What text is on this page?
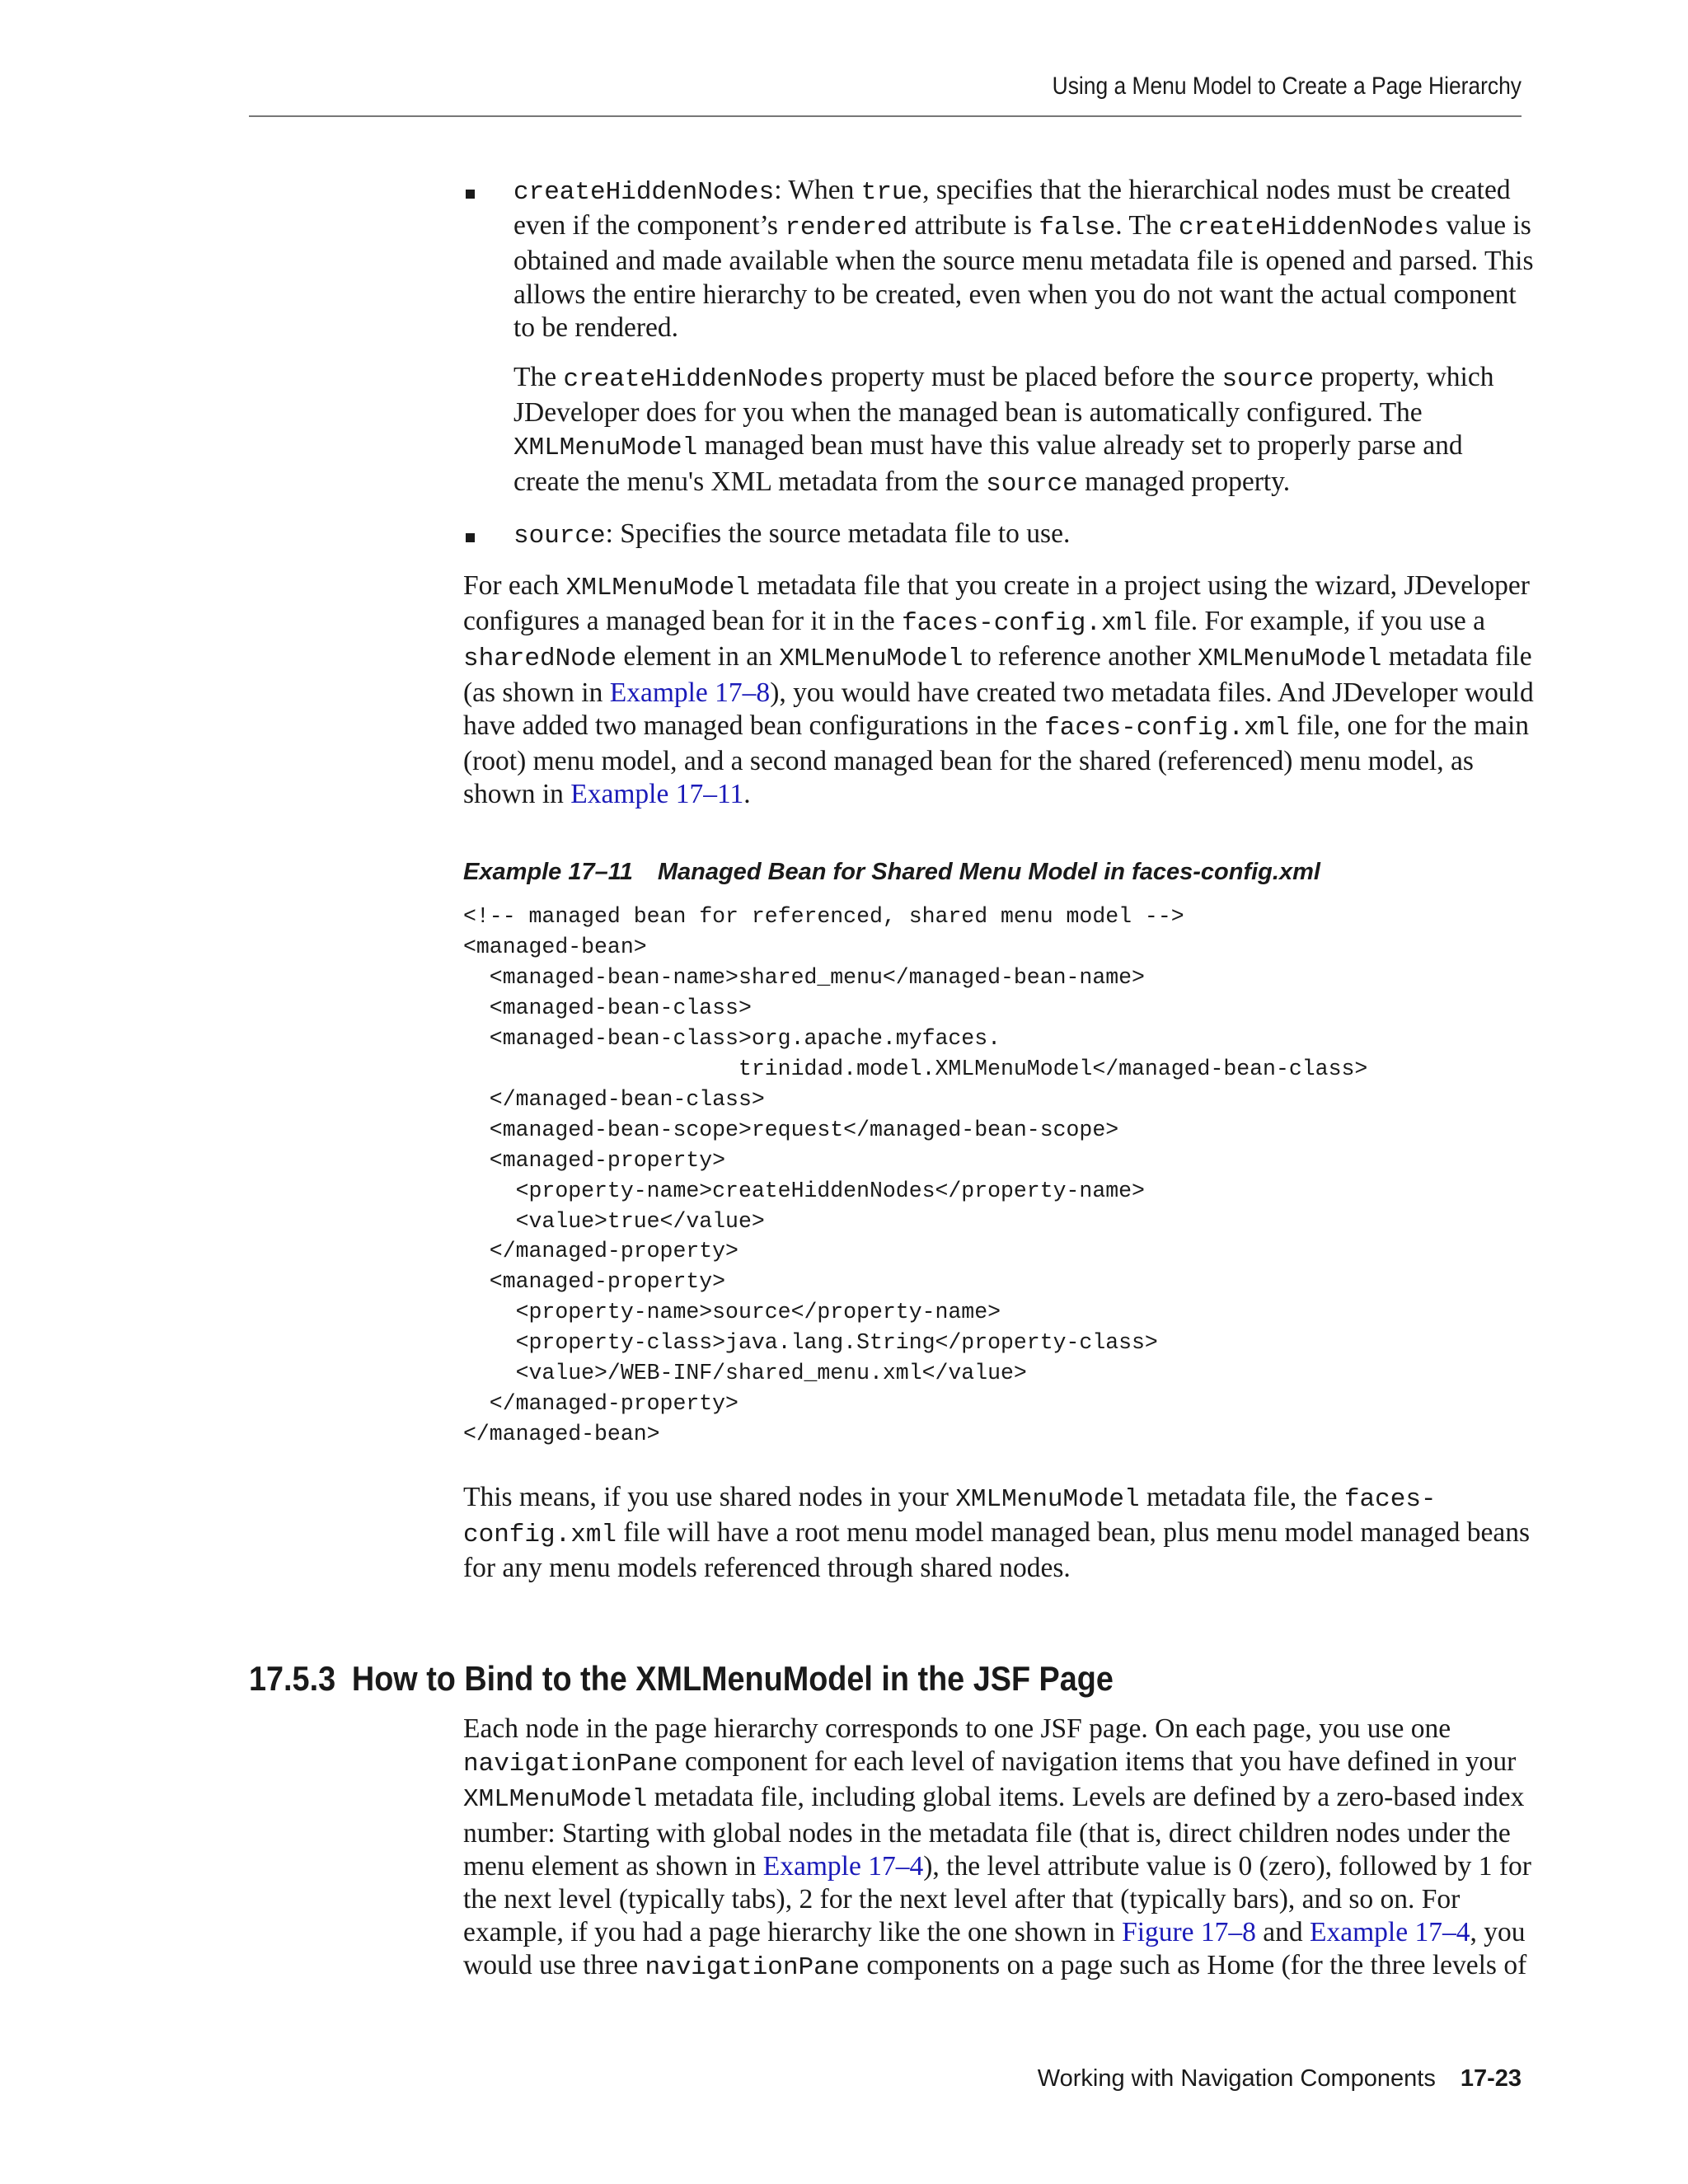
Using a Menu Model to Create a Page Hierarchy

createHiddenNodes: When true, specifies that the hierarchical nodes must be created even if the component’s rendered attribute is false. The createHiddenNodes value is obtained and made available when the source menu metadata file is opened and parsed. This allows the entire hierarchy to be created, even when you do not want the actual component to be rendered.

The createHiddenNodes property must be placed before the source property, which JDeveloper does for you when the managed bean is automatically configured. The XMLMenuModel managed bean must have this value already set to properly parse and create the menu's XML metadata from the source managed property.

source: Specifies the source metadata file to use.

For each XMLMenuModel metadata file that you create in a project using the wizard, JDeveloper configures a managed bean for it in the faces-config.xml file. For example, if you use a sharedNode element in an XMLMenuModel to reference another XMLMenuModel metadata file (as shown in Example 17–8), you would have created two metadata files. And JDeveloper would have added two managed bean configurations in the faces-config.xml file, one for the main (root) menu model, and a second managed bean for the shared (referenced) menu model, as shown in Example 17–11.

Example 17–11 Managed Bean for Shared Menu Model in faces-config.xml
<!-- managed bean for referenced, shared menu model -->
<managed-bean>
<managed-bean-name>shared_menu</managed-bean-name>
<managed-bean-class>
<managed-bean-class>org.apache.myfaces.
trinidad.model.XMLMenuModel</managed-bean-class>
</managed-bean-class>
<managed-bean-scope>request</managed-bean-scope>
<managed-property>
<property-name>createHiddenNodes</property-name>
<value>true</value>
</managed-property>
<managed-property>
<property-name>source</property-name>
<property-class>java.lang.String</property-class>
<value>/WEB-INF/shared_menu.xml</value>
</managed-property>
</managed-bean>

This means, if you use shared nodes in your XMLMenuModel metadata file, the faces-config.xml file will have a root menu model managed bean, plus menu model managed beans for any menu models referenced through shared nodes.

17.5.3 How to Bind to the XMLMenuModel in the JSF Page

Each node in the page hierarchy corresponds to one JSF page. On each page, you use one navigationPane component for each level of navigation items that you have defined in your XMLMenuModel metadata file, including global items. Levels are defined by a zero-based index number: Starting with global nodes in the metadata file (that is, direct children nodes under the menu element as shown in Example 17–4), the level attribute value is 0 (zero), followed by 1 for the next level (typically tabs), 2 for the next level after that (typically bars), and so on. For example, if you had a page hierarchy like the one shown in Figure 17–8 and Example 17–4, you would use three navigationPane components on a page such as Home (for the three levels of

Working with Navigation Components 17-23
